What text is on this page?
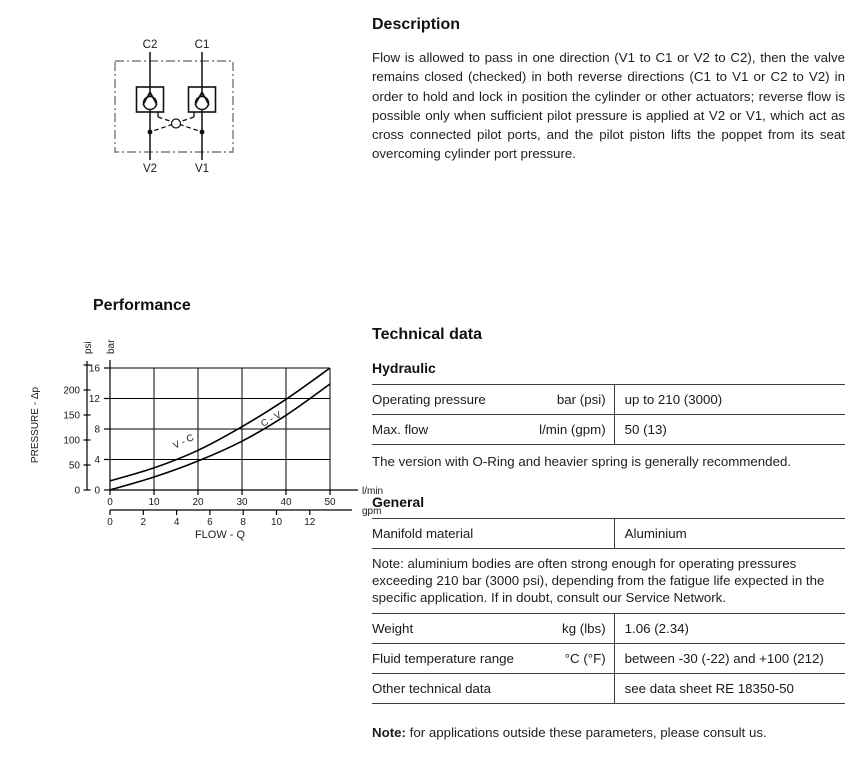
C2	C1
V2	V1
Description

Flow is allowed to pass in one direction (V1 to C1 or V2 to C2), then the valve remains closed (checked) in both reverse directions (C1 to V1 or C2 to V2) in order to hold and lock in position the cylinder or other actuators; reverse flow is possible only when sufficient pilot pressure is applied at V2 or V1, which act as cross connected pilot ports, and the pilot piston lifts the poppet from its seat overcoming cylinder port pressure.

Performance
0
4
8
12
16
bar
0
50
100
150
200
psi
PRESSURE - Δp
0	10	20	30	40	50
l/min
0	2	4	6	8 10 12
gpm
FLOW - Q
V - C
C - V
Technical data
Hydraulic
Operating pressure	bar (psi)	up to 210 (3000)
Max. flow	l/min (gpm)	50 (13)

The version with O-Ring and heavier spring is generally recommended.

General
Manifold material	Aluminium
Note: aluminium bodies are often strong enough for operating pressures exceeding 210 bar (3000 psi), depending from the fatigue life expected in the specific application. If in doubt, consult our Service Network.
Weight	kg (lbs)	1.06 (2.34)
Fluid temperature range	°C (°F)	between -30 (-22) and +100 (212)
Other technical data	see data sheet RE 18350-50

Note: for applications outside these parameters, please consult us.
